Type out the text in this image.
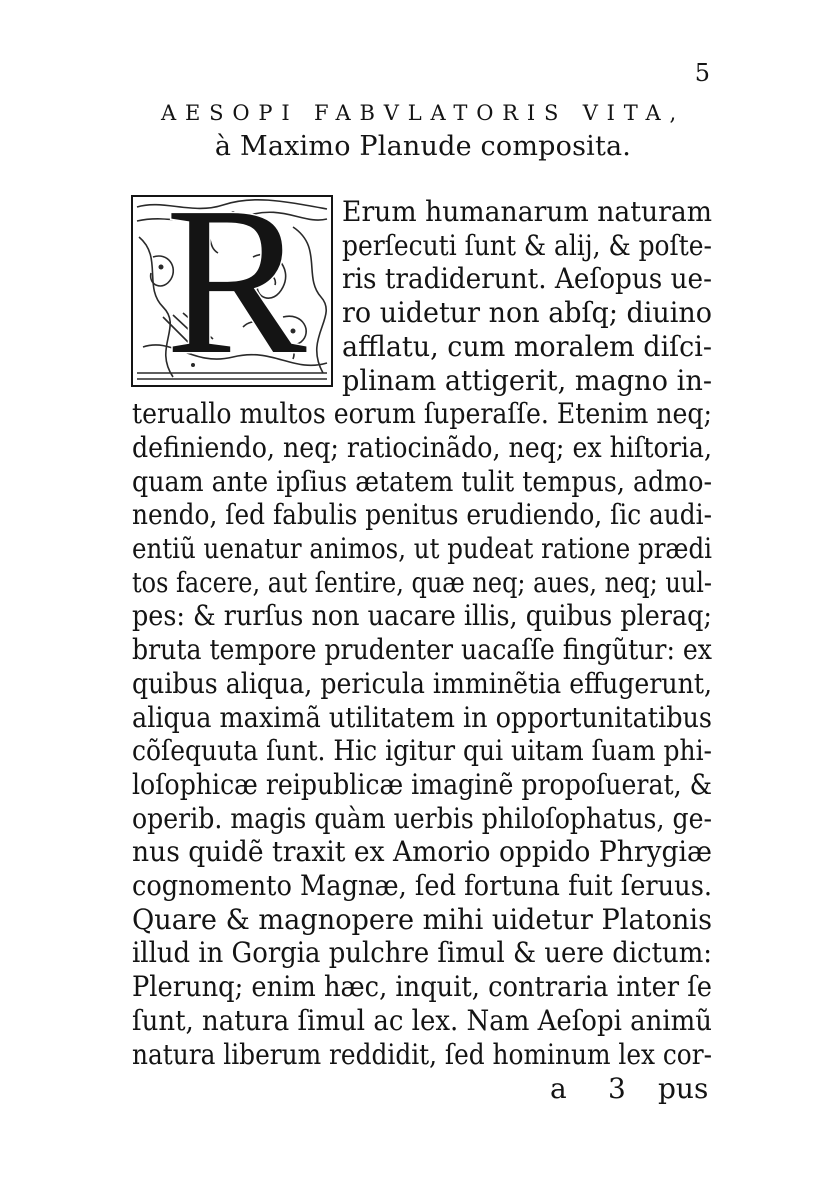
5
AESOPI FABVLATORIS VITA,
à Maximo Planude composita.
R Erum humanarum naturam
perſecuti ſunt & alij, & poſte-
ris tradiderunt. Aeſopus ue-
ro uidetur non abſq; diuino
afflatu, cum moralem diſci-
plinam attigerit, magno in-
teruallo multos eorum ſuperaſſe. Etenim neq;
definiendo, neq; ratiocinãdo, neq; ex hiſtoria,
quam ante ipſius ætatem tulit tempus, admo-
nendo, ſed fabulis penitus erudiendo, ſic audi-
entiũ uenatur animos, ut pudeat ratione prædi
tos facere, aut ſentire, quæ neq; aues, neq; uul-
pes: & rurſus non uacare illis, quibus pleraq;
bruta tempore prudenter uacaſſe fingũtur: ex
quibus aliqua, pericula imminẽtia effugerunt,
aliqua maximã utilitatem in opportunitatibus
cõſequuta ſunt. Hic igitur qui uitam ſuam phi-
loſophicæ reipublicæ imaginẽ propoſuerat, &
operib. magis quàm uerbis philoſophatus, ge-
nus quidẽ traxit ex Amorio oppido Phrygiæ
cognomento Magnæ, ſed fortuna fuit ſeruus.
Quare & magnopere mihi uidetur Platonis
illud in Gorgia pulchre ſimul & uere dictum:
Plerunq; enim hæc, inquit, contraria inter ſe
ſunt, natura ſimul ac lex. Nam Aeſopi animũ
natura liberum reddidit, ſed hominum lex cor-
a 3 pus
